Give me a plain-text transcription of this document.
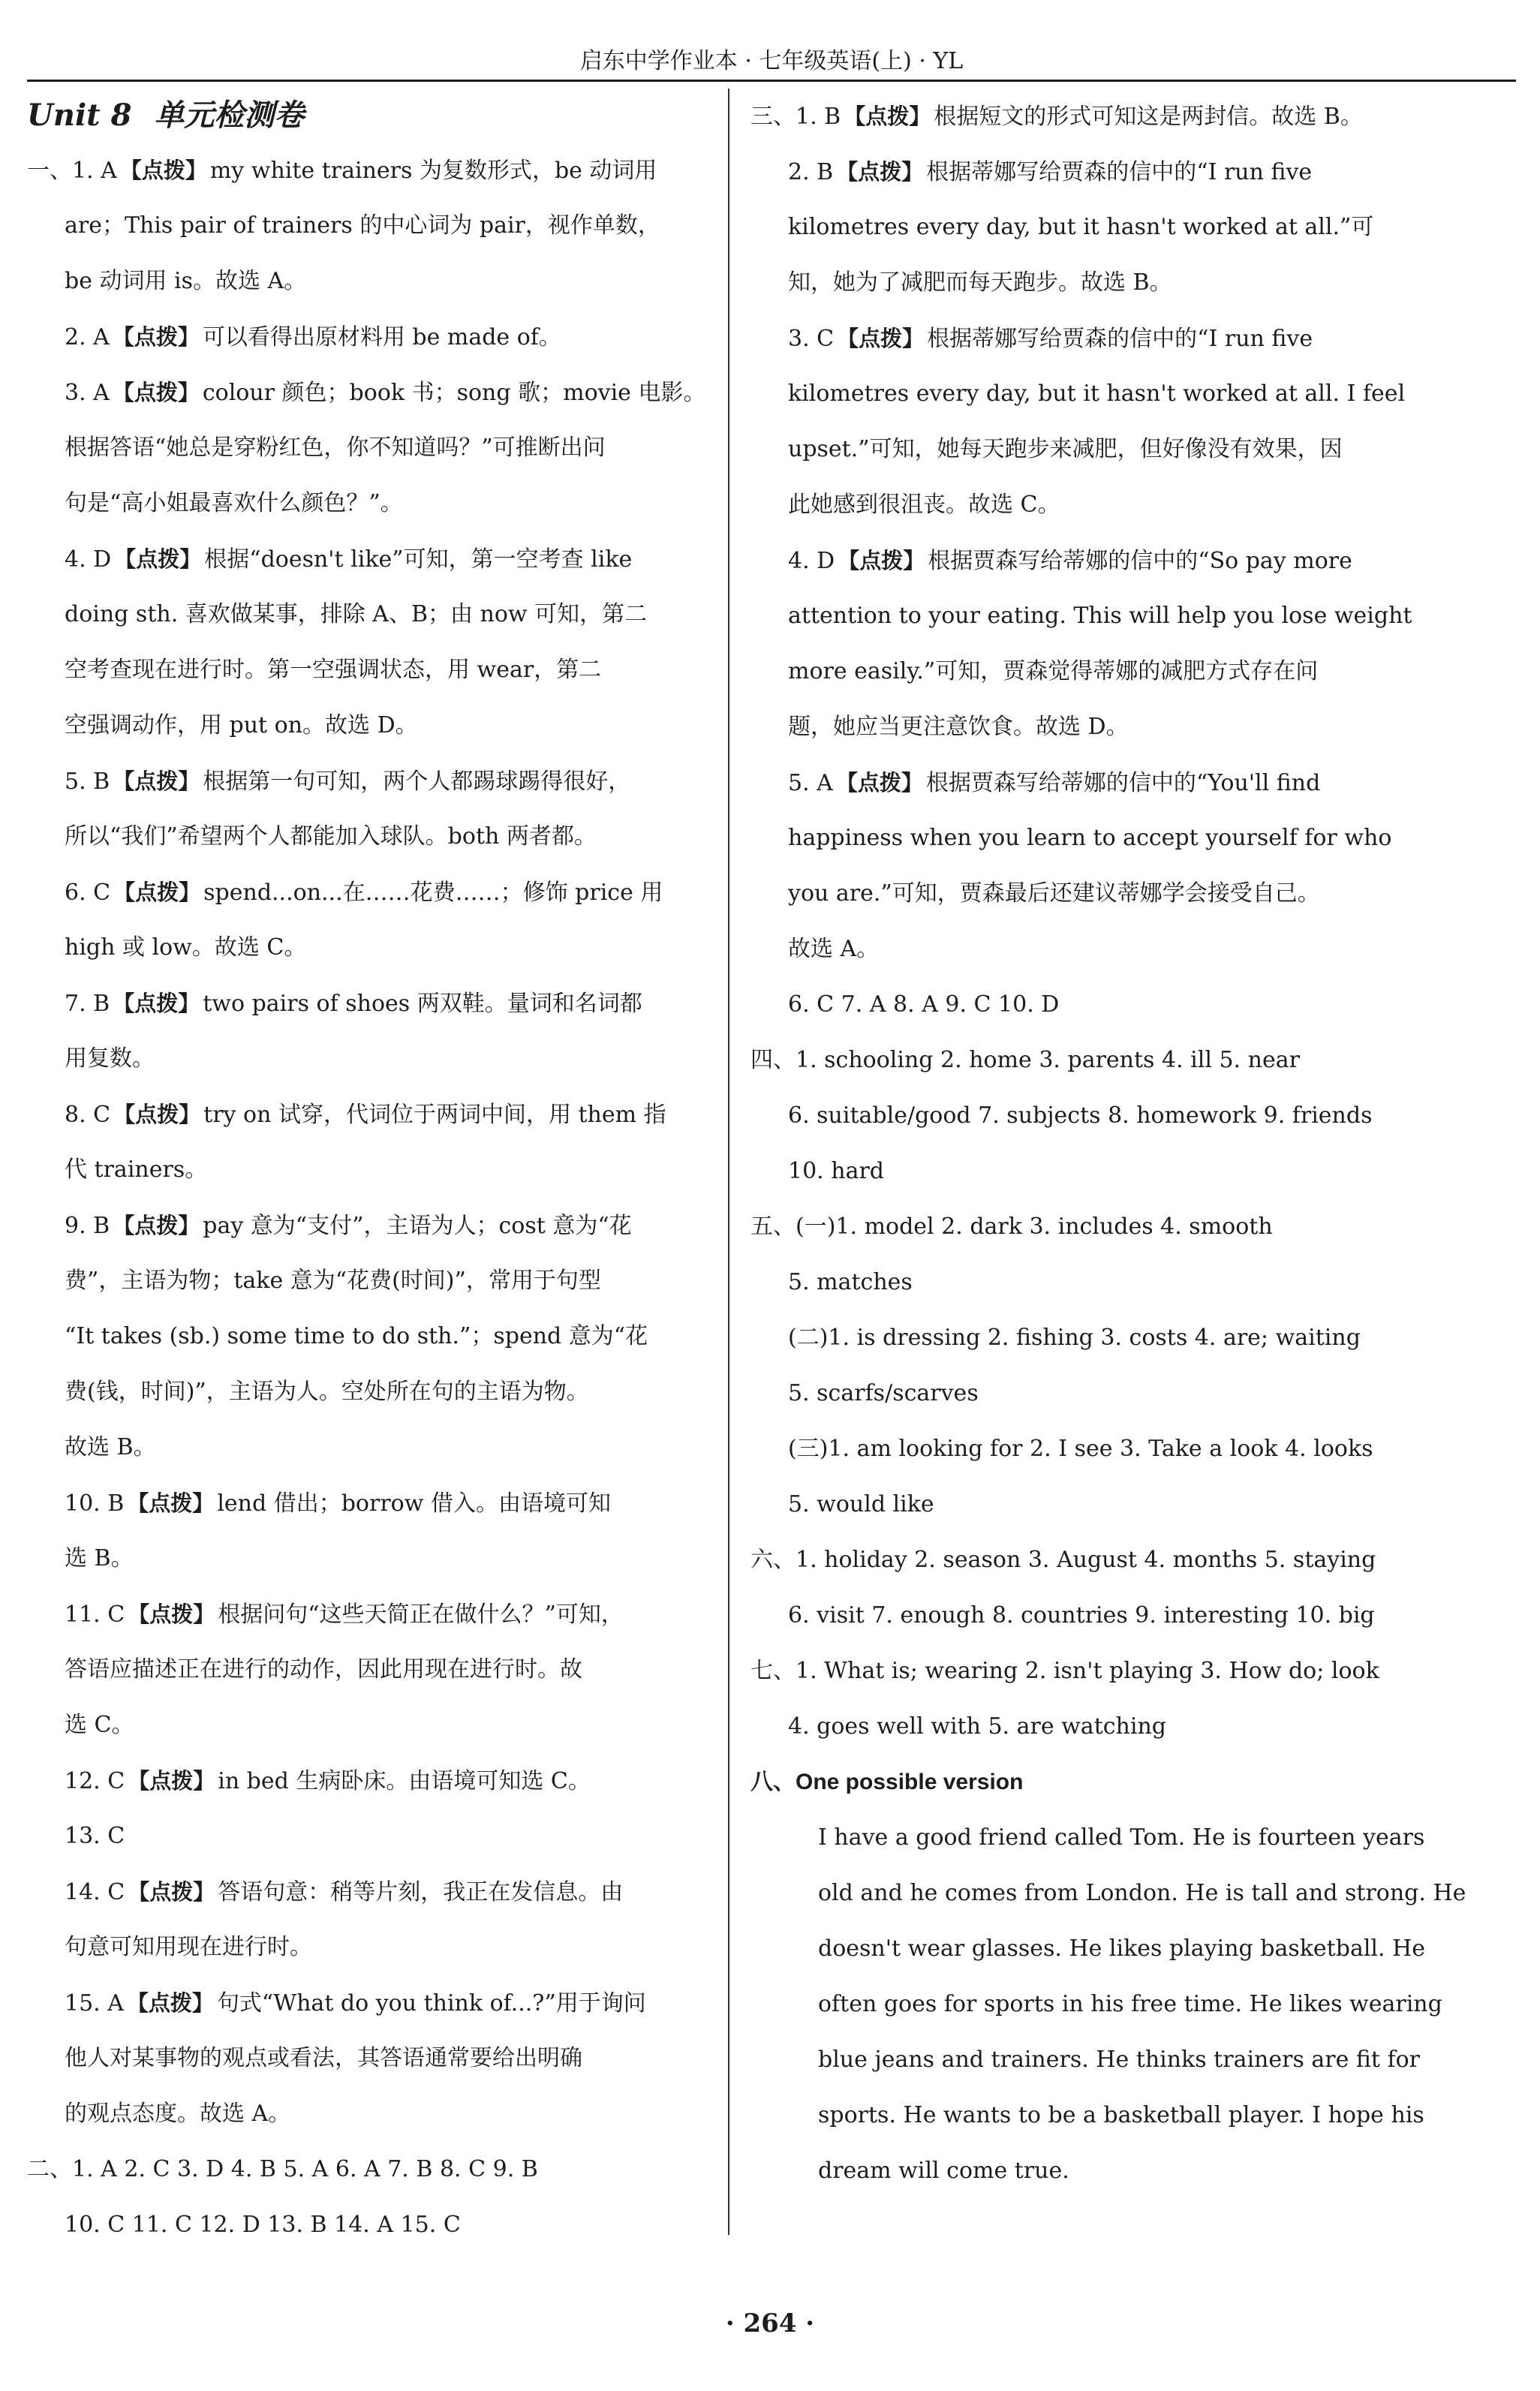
启东中学作业本 · 七年级英语(上) · YL
Unit 8 单元检测卷
一、1. A 【点拨】 my white trainers 为复数形式，be 动词用
are；This pair of trainers 的中心词为 pair，视作单数，
be 动词用 is。故选 A。
2. A 【点拨】 可以看得出原材料用 be made of。
3. A 【点拨】 colour 颜色；book 书；song 歌；movie 电影。
根据答语“她总是穿粉红色，你不知道吗？”可推断出问
句是“高小姐最喜欢什么颜色？”。
4. D 【点拨】 根据“doesn't like”可知，第一空考查 like
doing sth. 喜欢做某事，排除 A、B；由 now 可知，第二
空考查现在进行时。第一空强调状态，用 wear，第二
空强调动作，用 put on。故选 D。
5. B 【点拨】 根据第一句可知，两个人都踢球踢得很好，
所以“我们”希望两个人都能加入球队。both 两者都。
6. C 【点拨】 spend...on...在……花费……；修饰 price 用
high 或 low。故选 C。
7. B 【点拨】 two pairs of shoes 两双鞋。量词和名词都
用复数。
8. C 【点拨】 try on 试穿，代词位于两词中间，用 them 指
代 trainers。
9. B 【点拨】 pay 意为“支付”，主语为人；cost 意为“花
费”，主语为物；take 意为“花费(时间)”，常用于句型
“It takes (sb.) some time to do sth.”；spend 意为“花
费(钱，时间)”，主语为人。空处所在句的主语为物。
故选 B。
10. B 【点拨】 lend 借出；borrow 借入。由语境可知
选 B。
11. C 【点拨】 根据问句“这些天简正在做什么？”可知，
答语应描述正在进行的动作，因此用现在进行时。故
选 C。
12. C 【点拨】 in bed 生病卧床。由语境可知选 C。
13. C
14. C 【点拨】 答语句意：稍等片刻，我正在发信息。由
句意可知用现在进行时。
15. A 【点拨】 句式“What do you think of...?”用于询问
他人对某事物的观点或看法，其答语通常要给出明确
的观点态度。故选 A。
二、1. A 2. C 3. D 4. B 5. A 6. A 7. B 8. C 9. B
10. C 11. C 12. D 13. B 14. A 15. C
三、1. B 【点拨】 根据短文的形式可知这是两封信。故选 B。
2. B 【点拨】 根据蒂娜写给贾森的信中的“I run five
kilometres every day, but it hasn't worked at all.”可
知，她为了减肥而每天跑步。故选 B。
3. C 【点拨】 根据蒂娜写给贾森的信中的“I run five
kilometres every day, but it hasn't worked at all. I feel
upset.”可知，她每天跑步来减肥，但好像没有效果，因
此她感到很沮丧。故选 C。
4. D 【点拨】 根据贾森写给蒂娜的信中的“So pay more
attention to your eating. This will help you lose weight
more easily.”可知，贾森觉得蒂娜的减肥方式存在问
题，她应当更注意饮食。故选 D。
5. A 【点拨】 根据贾森写给蒂娜的信中的“You'll find
happiness when you learn to accept yourself for who
you are.”可知，贾森最后还建议蒂娜学会接受自己。
故选 A。
6. C 7. A 8. A 9. C 10. D
四、1. schooling 2. home 3. parents 4. ill 5. near
6. suitable/good 7. subjects 8. homework 9. friends
10. hard
五、(一)1. model 2. dark 3. includes 4. smooth
5. matches
(二)1. is dressing 2. fishing 3. costs 4. are; waiting
5. scarfs/scarves
(三)1. am looking for 2. I see 3. Take a look 4. looks
5. would like
六、1. holiday 2. season 3. August 4. months 5. staying
6. visit 7. enough 8. countries 9. interesting 10. big
七、1. What is; wearing 2. isn't playing 3. How do; look
4. goes well with 5. are watching
八、One possible version
I have a good friend called Tom. He is fourteen years
old and he comes from London. He is tall and strong. He
doesn't wear glasses. He likes playing basketball. He
often goes for sports in his free time. He likes wearing
blue jeans and trainers. He thinks trainers are fit for
sports. He wants to be a basketball player. I hope his
dream will come true.
· 264 ·
